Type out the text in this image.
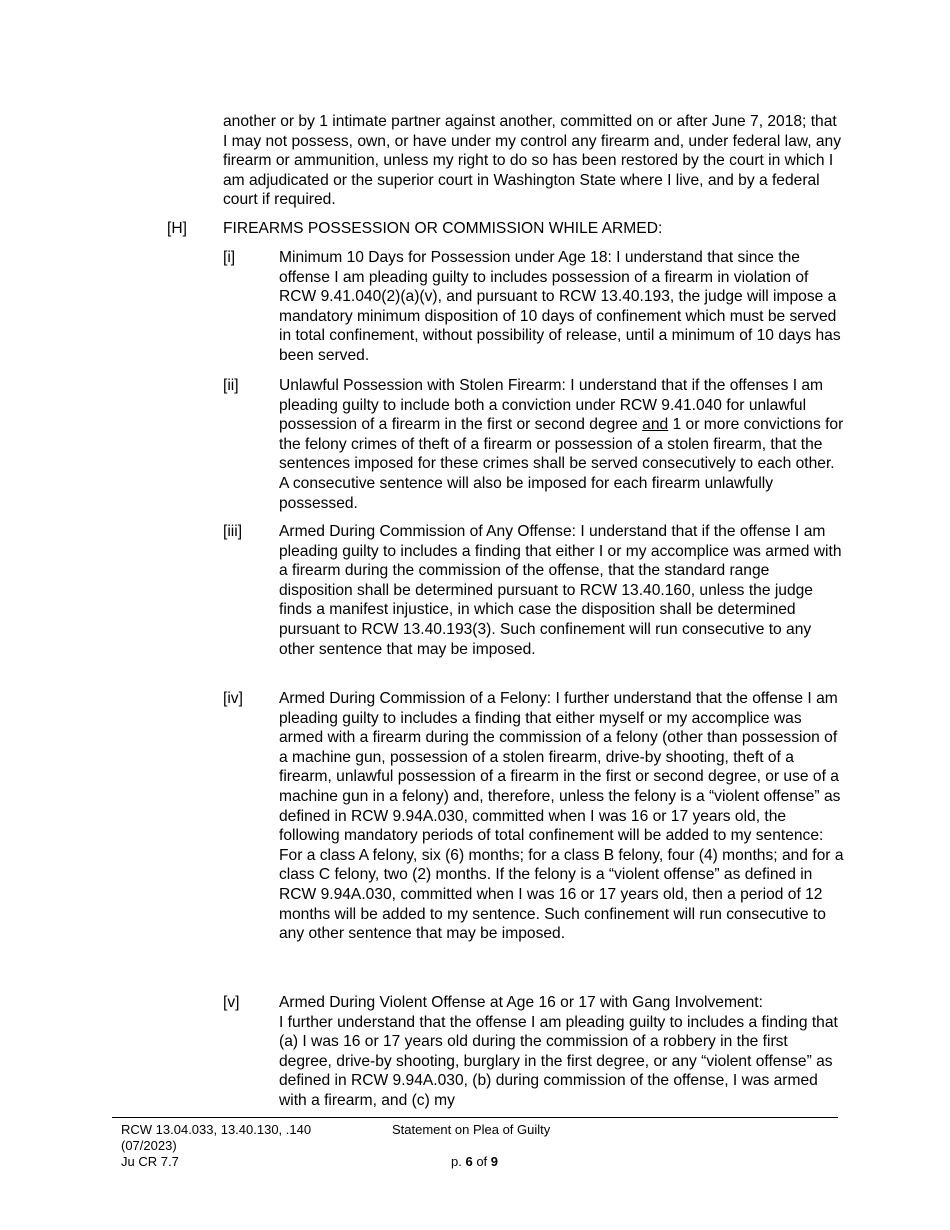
another or by 1 intimate partner against another, committed on or after June 7, 2018; that I may not possess, own, or have under my control any firearm and, under federal law, any firearm or ammunition, unless my right to do so has been restored by the court in which I am adjudicated or the superior court in Washington State where I live, and by a federal court if required.

[H] FIREARMS POSSESSION OR COMMISSION WHILE ARMED:
[i]	Minimum 10 Days for Possession under Age 18: I understand that since the offense I am pleading guilty to includes possession of a firearm in violation of RCW 9.41.040(2)(a)(v), and pursuant to RCW 13.40.193, the judge will impose a mandatory minimum disposition of 10 days of confinement which must be served in total confinement, without possibility of release, until a minimum of 10 days has been served.

[ii]	Unlawful Possession with Stolen Firearm: I understand that if the offenses I am pleading guilty to include both a conviction under RCW 9.41.040 for unlawful possession of a firearm in the first or second degree and 1 or more convictions for the felony crimes of theft of a firearm or possession of a stolen firearm, that the sentences imposed for these crimes shall be served consecutively to each other. A consecutive sentence will also be imposed for each firearm unlawfully possessed.

[iii] Armed During Commission of Any Offense: I understand that if the offense I am pleading guilty to includes a finding that either I or my accomplice was armed with a firearm during the commission of the offense, that the standard range disposition shall be determined pursuant to RCW 13.40.160, unless the judge finds a manifest injustice, in which case the disposition shall be determined pursuant to RCW 13.40.193(3). Such confinement will run consecutive to any other sentence that may be imposed.

[iv] Armed During Commission of a Felony: I further understand that the offense I am pleading guilty to includes a finding that either myself or my accomplice was armed with a firearm during the commission of a felony (other than possession of a machine gun, possession of a stolen firearm, drive-by shooting, theft of a firearm, unlawful possession of a firearm in the first or second degree, or use of a machine gun in a felony) and, therefore, unless the felony is a “violent offense” as defined in RCW 9.94A.030, committed when I was 16 or 17 years old, the following mandatory periods of total confinement will be added to my sentence: For a class A felony, six (6) months; for a class B felony, four (4) months; and for a class C felony, two (2) months. If the felony is a “violent offense” as defined in RCW 9.94A.030, committed when I was 16 or 17 years old, then a period of 12 months will be added to my sentence. Such confinement will run consecutive to any other sentence that may be imposed.

[v]	Armed During Violent Offense at Age 16 or 17 with Gang Involvement:
I further understand that the offense I am pleading guilty to includes a finding that (a) I was 16 or 17 years old during the commission of a robbery in the first degree, drive-by shooting, burglary in the first degree, or any “violent offense” as defined in RCW 9.94A.030, (b) during commission of the offense, I was armed with a firearm, and (c) my

RCW 13.04.033, 13.40.130, .140
(07/2023)
Ju CR 7.7
Statement on Plea of Guilty
p. 6 of 9
